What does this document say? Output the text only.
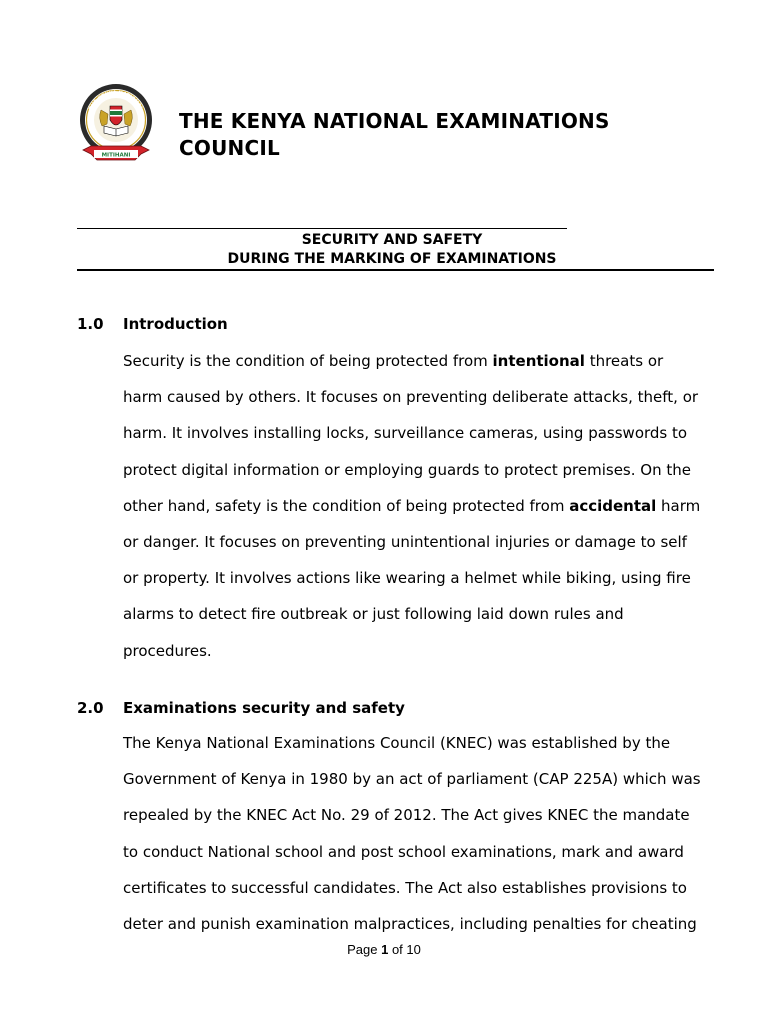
THE KENYA NATIONAL
MITIHANI
THE KENYA NATIONAL EXAMINATIONS
COUNCIL
SECURITY AND SAFETY
DURING THE MARKING OF EXAMINATIONS
1.0 Introduction
Security is the condition of being protected from intentional threats or
harm caused by others. It focuses on preventing deliberate attacks, theft, or
harm. It involves installing locks, surveillance cameras, using passwords to
protect digital information or employing guards to protect premises. On the
other hand, safety is the condition of being protected from accidental harm
or danger. It focuses on preventing unintentional injuries or damage to self
or property. It involves actions like wearing a helmet while biking, using fire
alarms to detect fire outbreak or just following laid down rules and
procedures.
2.0 Examinations security and safety
The Kenya National Examinations Council (KNEC) was established by the
Government of Kenya in 1980 by an act of parliament (CAP 225A) which was
repealed by the KNEC Act No. 29 of 2012. The Act gives KNEC the mandate
to conduct National school and post school examinations, mark and award
certificates to successful candidates. The Act also establishes provisions to
deter and punish examination malpractices, including penalties for cheating
Page 1 of 10
